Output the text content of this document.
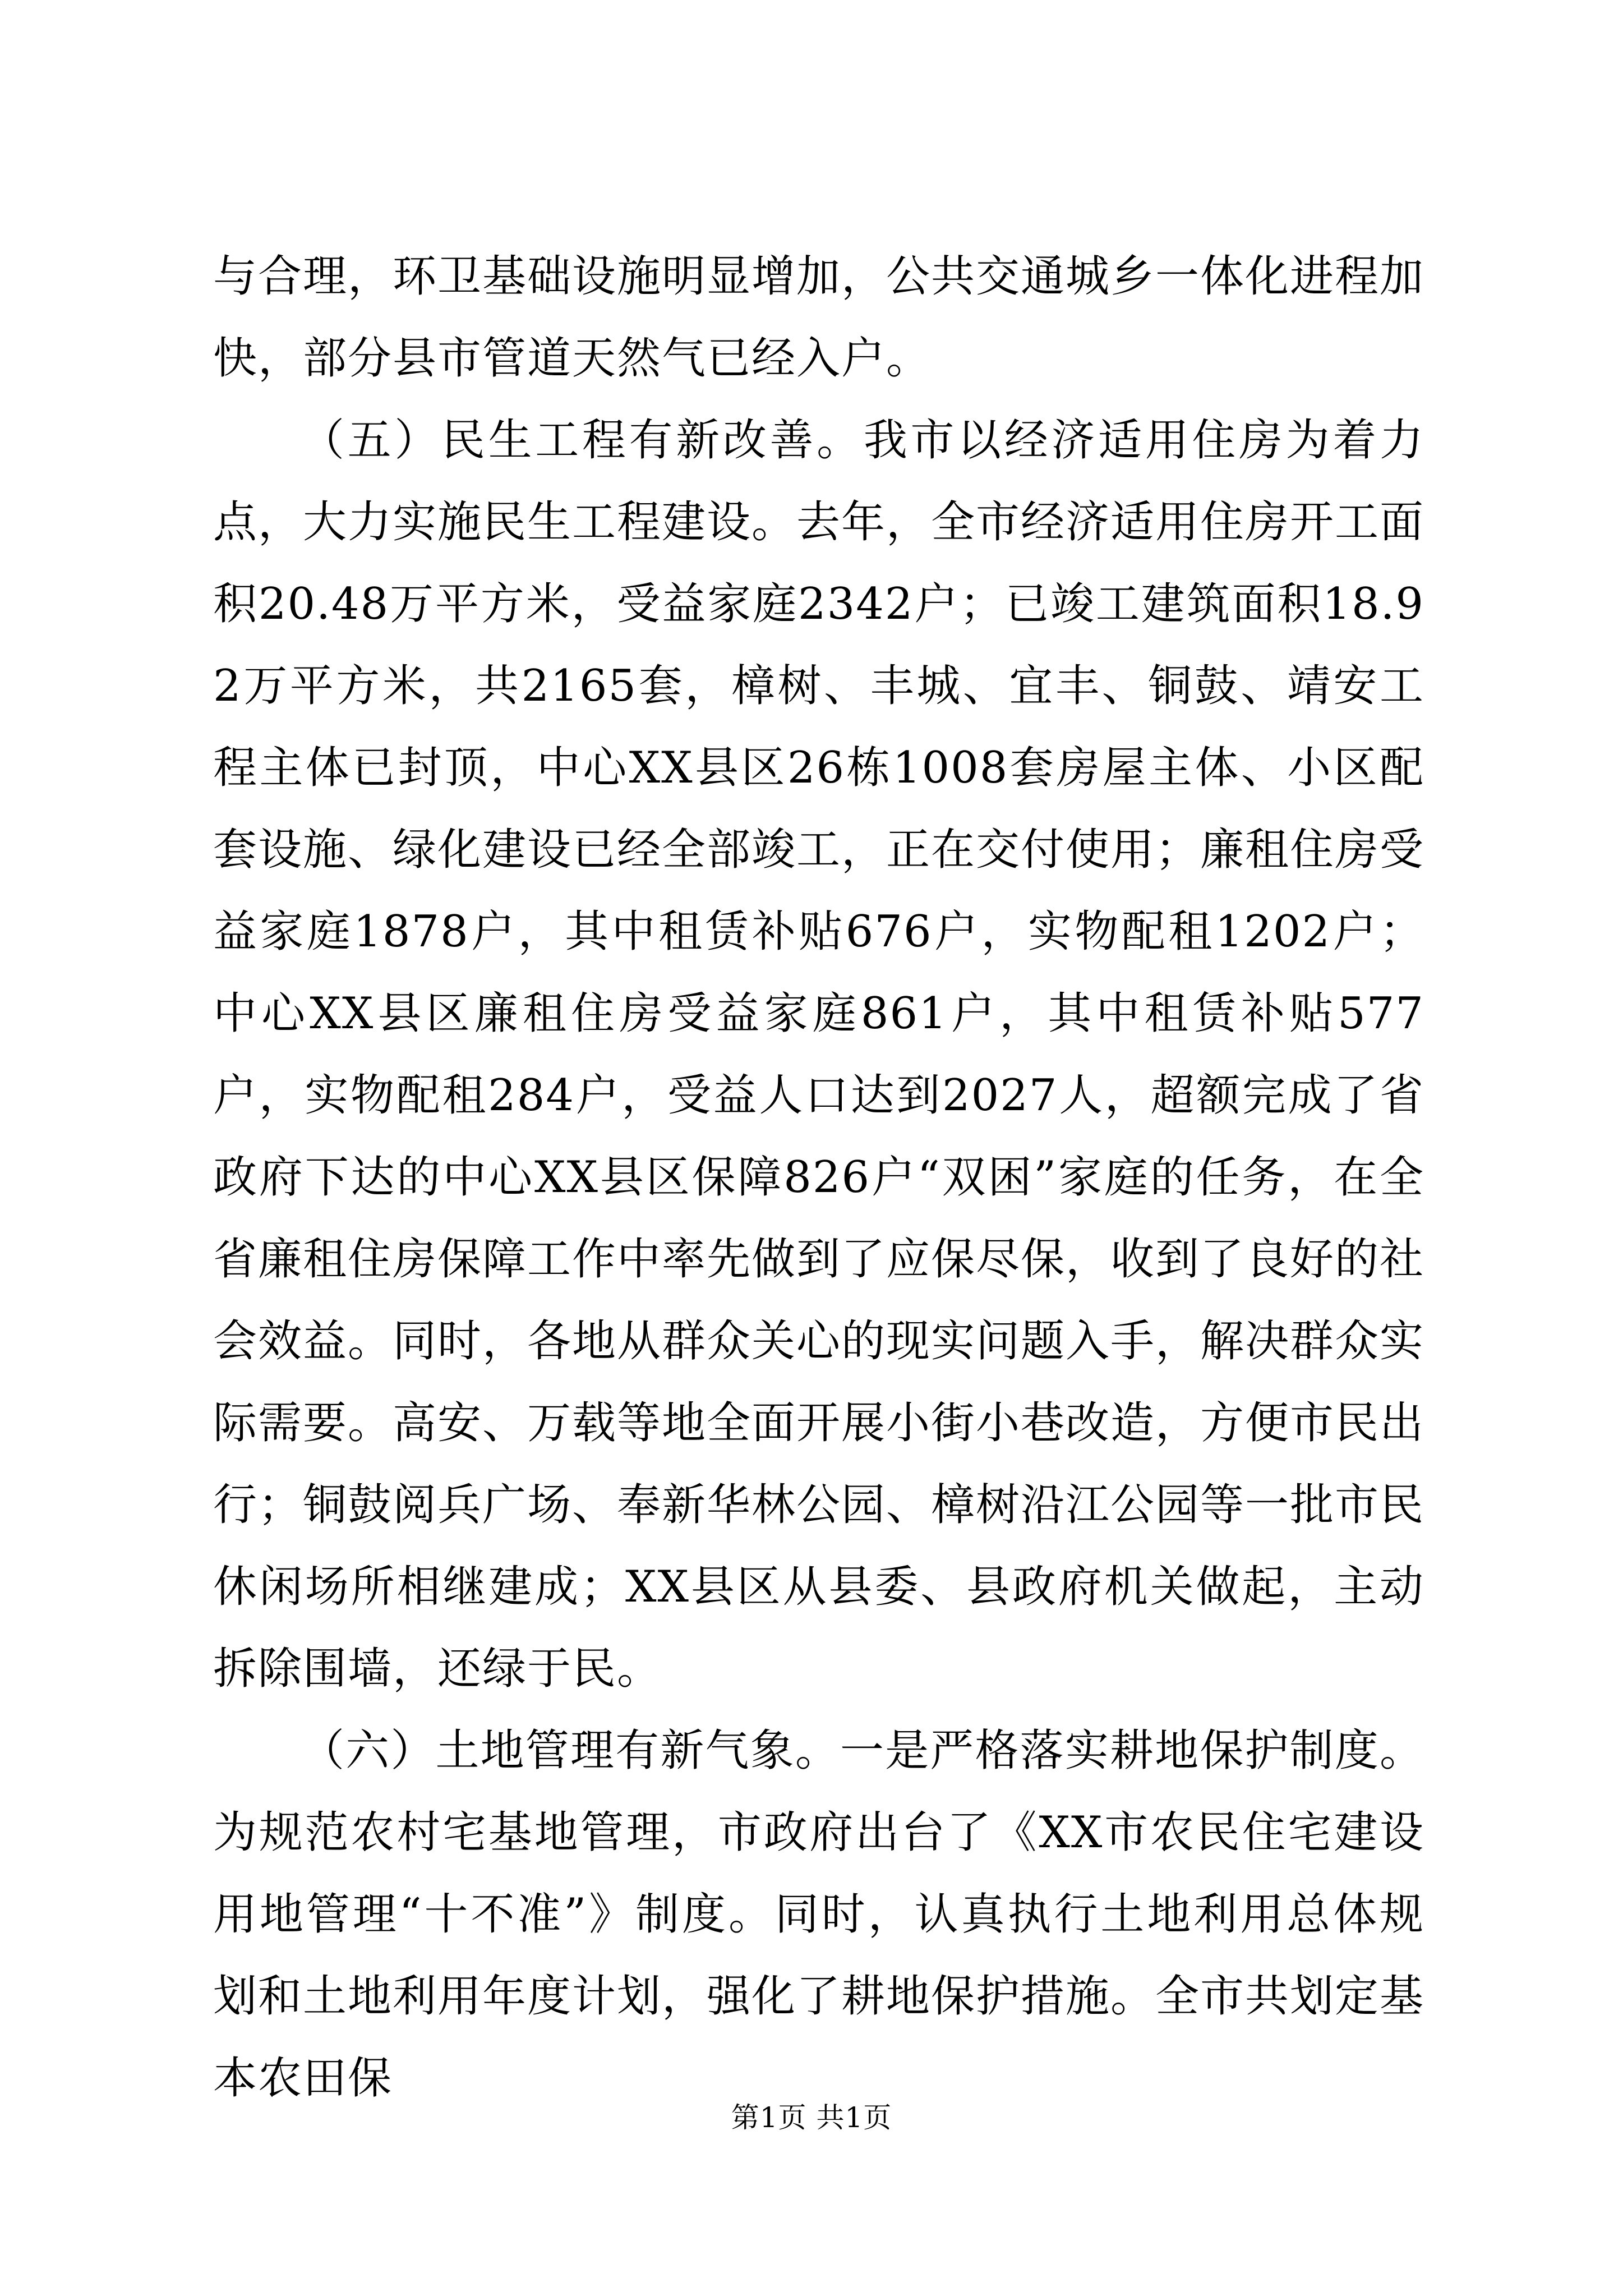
与合理，环卫基础设施明显增加，公共交通城乡一体化进程加快，部分县市管道天然气已经入户。

（五）民生工程有新改善。我市以经济适用住房为着力点，大力实施民生工程建设。去年，全市经济适用住房开工面积20.48万平方米，受益家庭2342户；已竣工建筑面积18.92万平方米，共2165套，樟树、丰城、宜丰、铜鼓、靖安工程主体已封顶，中心XX县区26栋1008套房屋主体、小区配套设施、绿化建设已经全部竣工，正在交付使用；廉租住房受益家庭1878户，其中租赁补贴676户，实物配租1202户；中心XX县区廉租住房受益家庭861户，其中租赁补贴577户，实物配租284户，受益人口达到2027人，超额完成了省政府下达的中心XX县区保障826户“双困”家庭的任务，在全省廉租住房保障工作中率先做到了应保尽保，收到了良好的社会效益。同时，各地从群众关心的现实问题入手，解决群众实际需要。高安、万载等地全面开展小街小巷改造，方便市民出行；铜鼓阅兵广场、奉新华林公园、樟树沿江公园等一批市民休闲场所相继建成；XX县区从县委、县政府机关做起，主动拆除围墙，还绿于民。

（六）土地管理有新气象。一是严格落实耕地保护制度。为规范农村宅基地管理，市政府出台了《XX市农民住宅建设用地管理“十不准”》制度。同时，认真执行土地利用总体规划和土地利用年度计划，强化了耕地保护措施。全市共划定基本农田保

第1页 共1页
